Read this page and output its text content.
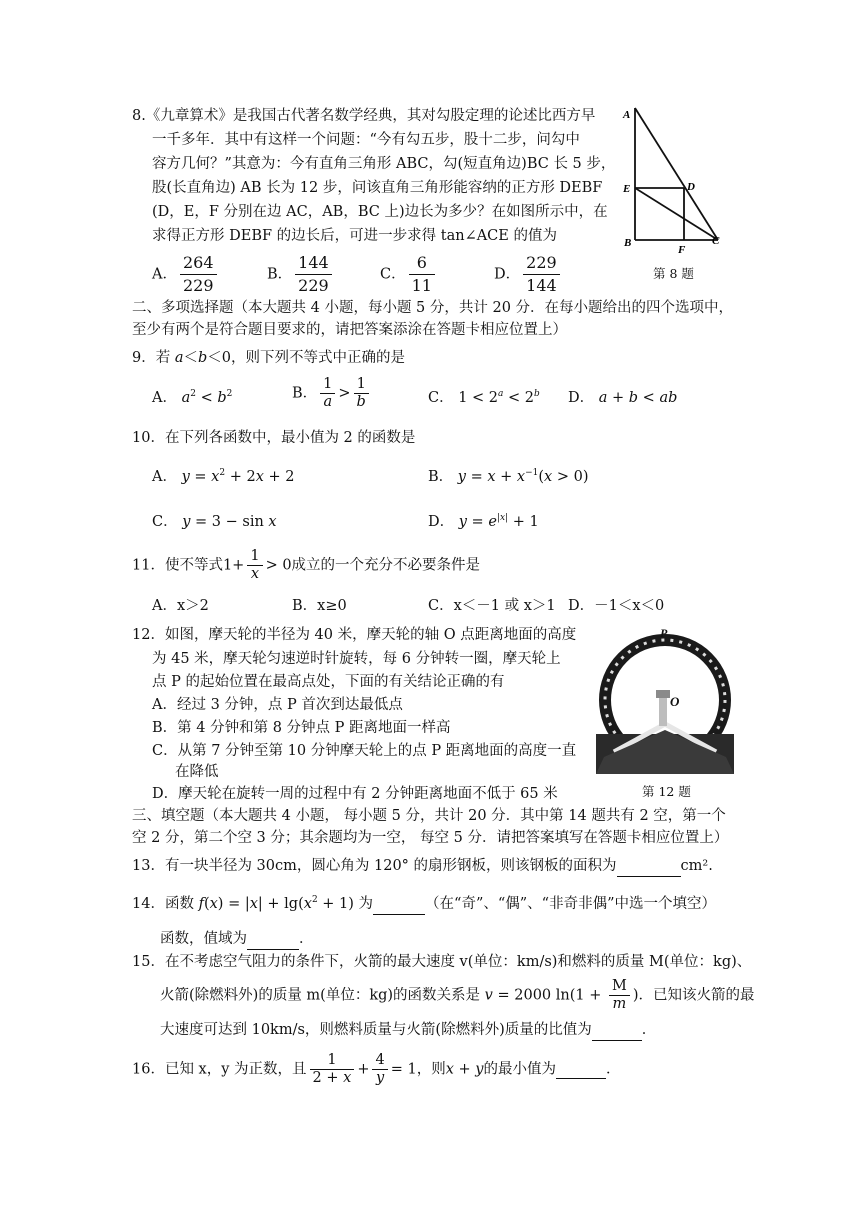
8.《九章算术》是我国古代著名数学经典，其对勾股定理的论述比西方早
一千多年．其中有这样一个问题：“今有勾五步，股十二步，问勾中
容方几何？”其意为：今有直角三角形 ABC，勾(短直角边)BC 长 5 步，
股(长直角边) AB 长为 12 步，问该直角三角形能容纳的正方形 DEBF
(D，E，F 分别在边 AC，AB，BC 上)边长为多少？在如图所示中，在
求得正方形 DEBF 的边长后，可进一步求得 tan∠ACE 的值为
A． $\frac{264}{229}$	B． $\frac{144}{229}$	C． $\frac{6}{11}$	D． $\frac{229}{144}$
A
E	D
B
F
C
第 8 题
二、多项选择题（本大题共 4 小题，每小题 5 分，共计 20 分．在每小题给出的四个选项中，
至少有两个是符合题目要求的，请把答案添涂在答题卡相应位置上）
9．若 a＜b＜0，则下列不等式中正确的是
A． $a^2 < b^2$	B． $\frac{1}{a} > \frac{1}{b}$	C． $1 < 2^a < 2^b$ D． a + b < ab
10．在下列各函数中，最小值为 2 的函数是
A． $y = x^2 + 2x + 2$	B． $y = x + x^{-1}(x > 0)$
C． y = 3 − sin x	D． $y = e^{|x|} + 1$
11．使不等式$1+ \frac{1}{x} > 0$成立的一个充分不必要条件是
A．x＞2	B．x≥0	C．x＜－1 或 x＞1 D．－1＜x＜0
12．如图，摩天轮的半径为 40 米，摩天轮的轴 O 点距离地面的高度
为 45 米，摩天轮匀速逆时针旋转，每 6 分钟转一圈，摩天轮上
点 P 的起始位置在最高点处，下面的有关结论正确的有
A．经过 3 分钟，点 P 首次到达最低点
B．第 4 分钟和第 8 分钟点 P 距离地面一样高
C．从第 7 分钟至第 10 分钟摩天轮上的点 P 距离地面的高度一直
在降低
D．摩天轮在旋转一周的过程中有 2 分钟距离地面不低于 65 米
P
O
第 12 题
三、填空题（本大题共 4 小题， 每小题 5 分，共计 20 分．其中第 14 题共有 2 空，第一个
空 2 分，第二个空 3 分；其余题均为一空， 每空 5 分．请把答案填写在答题卡相应位置上）
13．有一块半径为 30cm，圆心角为 120° 的扇形钢板，则该钢板的面积为	cm².
14．函数 $f(x) = |x| + \lg(x^2 + 1)$ 为	（在“奇”、“偶”、“非奇非偶”中选一个填空）
函数，值域为	．
15．在不考虑空气阻力的条件下，火箭的最大速度 v(单位：km/s)和燃料的质量 M(单位：kg)、
火箭(除燃料外)的质量 m(单位：kg)的函数关系是 v = 2000 $\ln(1 + \frac{M}{m}$ )．已知该火箭的最
大速度可达到 10km/s，则燃料质量与火箭(除燃料外)质量的比值为	．
16．已知 x，y 为正数，且 $\frac{1}{2 + x} + \frac{4}{y} = 1$，则x + y的最小值为	．
